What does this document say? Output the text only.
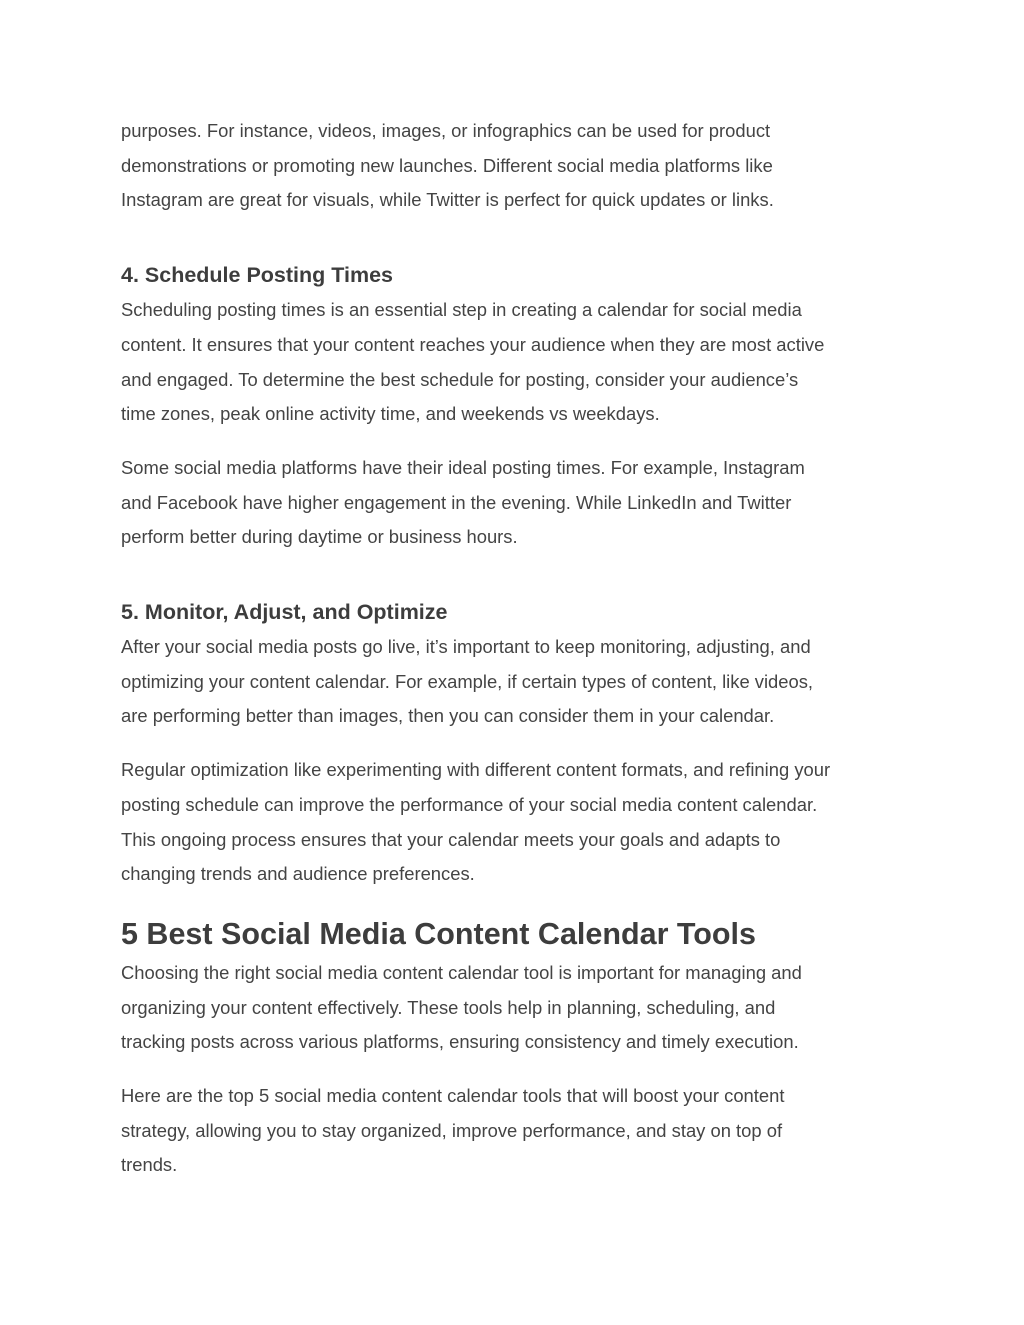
purposes. For instance, videos, images, or infographics can be used for product
demonstrations or promoting new launches. Different social media platforms like
Instagram are great for visuals, while Twitter is perfect for quick updates or links.

4. Schedule Posting Times

Scheduling posting times is an essential step in creating a calendar for social media
content. It ensures that your content reaches your audience when they are most active
and engaged. To determine the best schedule for posting, consider your audience’s
time zones, peak online activity time, and weekends vs weekdays.

Some social media platforms have their ideal posting times. For example, Instagram
and Facebook have higher engagement in the evening. While LinkedIn and Twitter
perform better during daytime or business hours.

5. Monitor, Adjust, and Optimize

After your social media posts go live, it’s important to keep monitoring, adjusting, and
optimizing your content calendar. For example, if certain types of content, like videos,
are performing better than images, then you can consider them in your calendar.

Regular optimization like experimenting with different content formats, and refining your
posting schedule can improve the performance of your social media content calendar.
This ongoing process ensures that your calendar meets your goals and adapts to
changing trends and audience preferences.

5 Best Social Media Content Calendar Tools

Choosing the right social media content calendar tool is important for managing and
organizing your content effectively. These tools help in planning, scheduling, and
tracking posts across various platforms, ensuring consistency and timely execution.

Here are the top 5 social media content calendar tools that will boost your content
strategy, allowing you to stay organized, improve performance, and stay on top of
trends.
